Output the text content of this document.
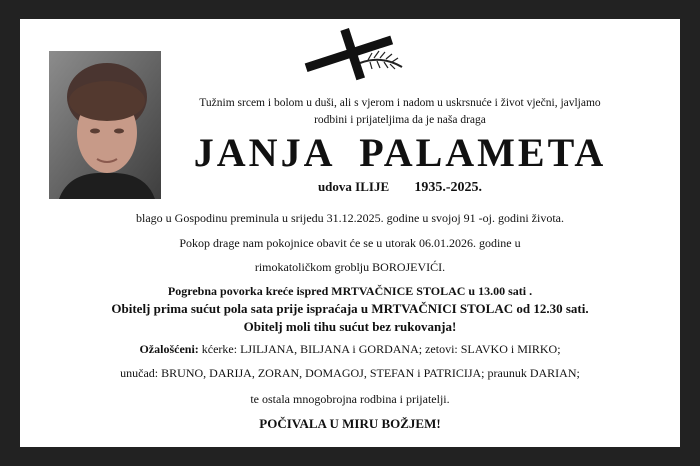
Tužnim srcem i bolom u duši, ali s vjerom i nadom u uskrsnuće i život vječni, javljamo
rodbini i prijateljima da je naša draga
JANJA  PALAMETA
udova ILIJE 1935.-2025.
blago u Gospodinu preminula u srijedu 31.12.2025. godine u svojoj 91 -oj. godini života.
Pokop drage nam pokojnice obavit će se u utorak 06.01.2026. godine u
rimokatoličkom groblju BOROJEVIĆI.
Pogrebna povorka kreće ispred MRTVAČNICE STOLAC u 13.00 sati .
Obitelj prima sućut pola sata prije ispraćaja u MRTVAČNICI STOLAC od 12.30 sati.
Obitelj moli tihu sućut bez rukovanja!
Ožalošćeni: kćerke: LJILJANA, BILJANA i GORDANA; zetovi: SLAVKO i MIRKO;
unučad: BRUNO, DARIJA, ZORAN, DOMAGOJ, STEFAN i PATRICIJA; praunuk DARIAN;
te ostala mnogobrojna rodbina i prijatelji.
POČIVALA U MIRU BOŽJEM!
